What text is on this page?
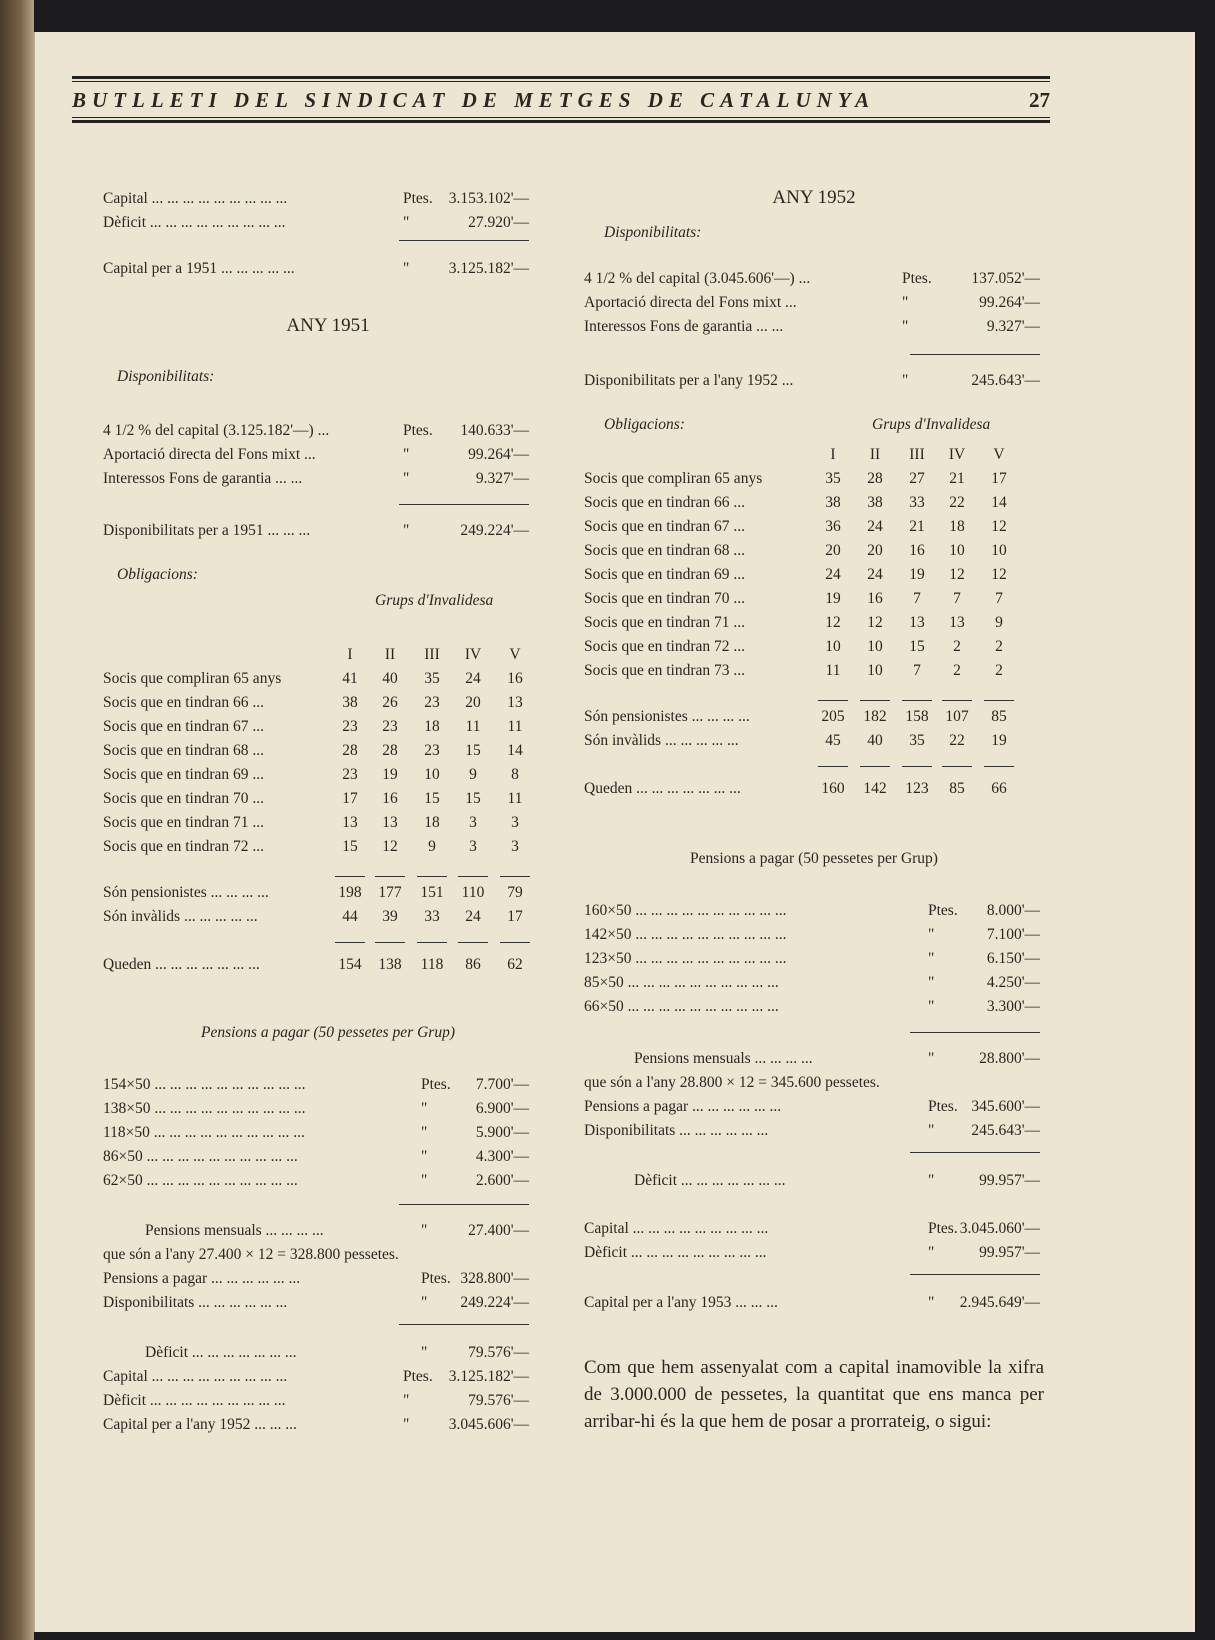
BUTLLETI DEL SINDICAT DE METGES DE CATALUNYA	27
Capital ... ... ... ... ... ... ... ... ...	Ptes. 3.153.102'—
Dèficit ... ... ... ... ... ... ... ... ...	"	27.920'—
Capital per a 1951 ... ... ... ... ...	"	3.125.182'—
ANY 1951
Disponibilitats:
4 1/2 % del capital (3.125.182'—) ...	Ptes. 140.633'—
Aportació directa del Fons mixt ...	"	99.264'—
Interessos Fons de garantia ... ...	"	9.327'—
Disponibilitats per a 1951 ... ... ...	"	249.224'—
Obligacions:
Grups d'Invalidesa
I	II	III	IV	V
Socis que compliran 65 anys	41	40	35	24	16
Socis que en tindran 66 ...	38	26	23	20	13
Socis que en tindran 67 ...	23	23	18	11	11
Socis que en tindran 68 ...	28	28	23	15	14
Socis que en tindran 69 ...	23	19	10	9	8
Socis que en tindran 70 ...	17	16	15	15	11
Socis que en tindran 71 ...	13	13	18	3	3
Socis que en tindran 72 ...	15	12	9	3	3
Són pensionistes ... ... ... ...	198	177	151	110	79
Són invàlids ... ... ... ... ...	44	39	33	24	17
Queden ... ... ... ... ... ... ...	154	138	118	86	62
Pensions a pagar (50 pessetes per Grup)
154×50 ... ... ... ... ... ... ... ... ... ...	Ptes. 7.700'—
138×50 ... ... ... ... ... ... ... ... ... ...	"	6.900'—
118×50 ... ... ... ... ... ... ... ... ... ...	"	5.900'—
86×50 ... ... ... ... ... ... ... ... ... ...	"	4.300'—
62×50 ... ... ... ... ... ... ... ... ... ...	"	2.600'—
Pensions mensuals ... ... ... ...	"	27.400'—
que són a l'any 27.400 × 12 = 328.800 pessetes.
Pensions a pagar ... ... ... ... ... ...	Ptes. 328.800'—
Disponibilitats ... ... ... ... ... ...	" 249.224'—
Dèficit ... ... ... ... ... ... ...	"	79.576'—
Capital ... ... ... ... ... ... ... ... ...	Ptes. 3.125.182'—
Dèficit ... ... ... ... ... ... ... ... ...	"	79.576'—
Capital per a l'any 1952 ... ... ...	"	3.045.606'—
ANY 1952
Disponibilitats:
4 1/2 % del capital (3.045.606'—) ...	Ptes.	137.052'—
Aportació directa del Fons mixt ...	"	99.264'—
Interessos Fons de garantia ... ...	"	9.327'—
Disponibilitats per a l'any 1952 ...	"	245.643'—
Obligacions:	Grups d'Invalidesa
I	II	III	IV	V
Socis que compliran 65 anys	35	28	27	21	17
Socis que en tindran 66 ...	38	38	33	22	14
Socis que en tindran 67 ...	36	24	21	18	12
Socis que en tindran 68 ...	20	20	16	10	10
Socis que en tindran 69 ...	24	24	19	12	12
Socis que en tindran 70 ...	19	16	7	7	7
Socis que en tindran 71 ...	12	12	13	13	9
Socis que en tindran 72 ...	10	10	15	2	2
Socis que en tindran 73 ...	11	10	7	2	2
Són pensionistes ... ... ... ...	205	182	158	107	85
Són invàlids ... ... ... ... ...	45	40	35	22	19
Queden ... ... ... ... ... ... ...	160	142	123	85	66
Pensions a pagar (50 pessetes per Grup)
160×50 ... ... ... ... ... ... ... ... ... ...	Ptes. 8.000'—
142×50 ... ... ... ... ... ... ... ... ... ...	"	7.100'—
123×50 ... ... ... ... ... ... ... ... ... ...	"	6.150'—
85×50 ... ... ... ... ... ... ... ... ... ...	"	4.250'—
66×50 ... ... ... ... ... ... ... ... ... ...	"	3.300'—
Pensions mensuals ... ... ... ...	"	28.800'—
que són a l'any 28.800 × 12 = 345.600 pessetes.
Pensions a pagar ... ... ... ... ... ...	Ptes. 345.600'—
Disponibilitats ... ... ... ... ... ...	" 245.643'—
Dèficit ... ... ... ... ... ... ...	"	99.957'—
Capital ... ... ... ... ... ... ... ... ...	Ptes. 3.045.060'—
Dèficit ... ... ... ... ... ... ... ... ...	"	99.957'—
Capital per a l'any 1953 ... ... ...	" 2.945.649'—
Com que hem assenyalat com a capital inamovible la xifra de 3.000.000 de pessetes, la quantitat que ens manca per arribar-hi és la que hem de posar a prorrateig, o sigui:
